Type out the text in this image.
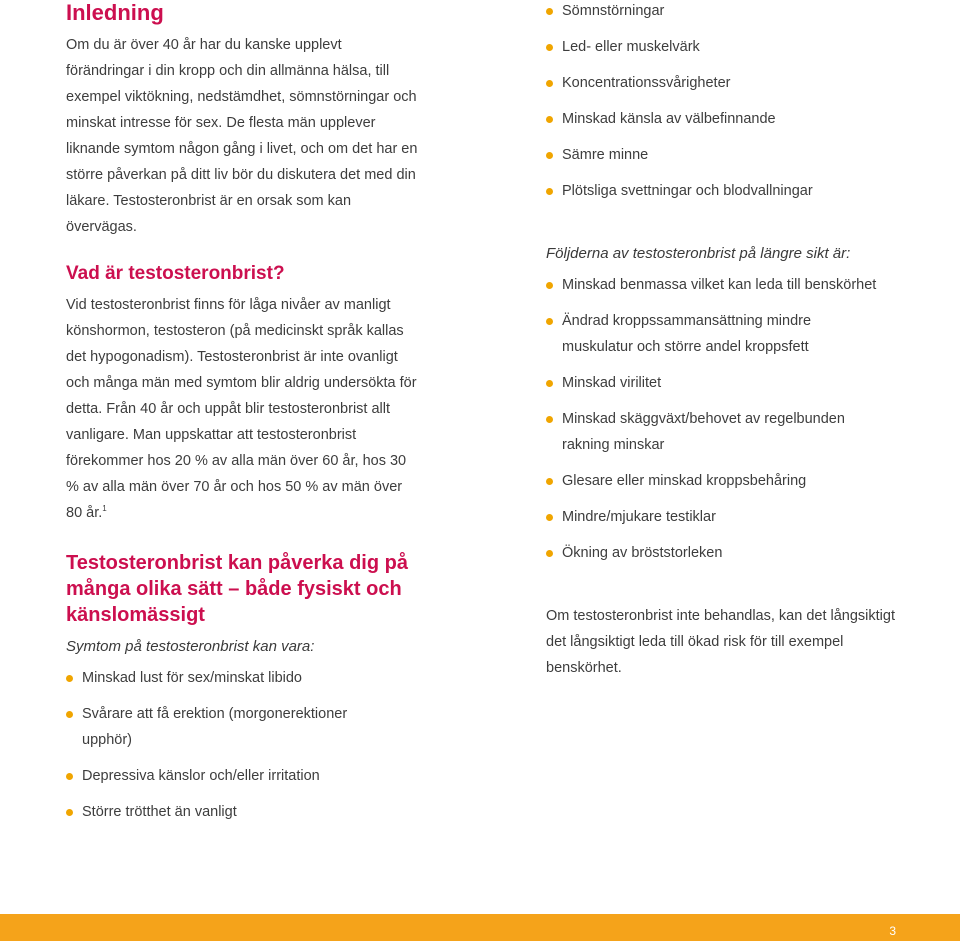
Inledning

Om du är över 40 år har du kanske upplevt förändringar i din kropp och din allmänna hälsa, till exempel viktökning, nedstämdhet, sömnstörningar och minskat intresse för sex. De flesta män upplever liknande symtom någon gång i livet, och om det har en större påverkan på ditt liv bör du diskutera det med din läkare. Testosteronbrist är en orsak som kan övervägas.

Vad är testosteronbrist?

Vid testosteronbrist finns för låga nivåer av manligt könshormon, testosteron (på medicinskt språk kallas det hypogonadism). Testosteronbrist är inte ovanligt och många män med symtom blir aldrig undersökta för detta. Från 40 år och uppåt blir testosteronbrist allt vanligare. Man uppskattar att testosteronbrist förekommer hos 20 % av alla män över 60 år, hos 30 % av alla män över 70 år och hos 50 % av män över 80 år.$^1$

Testosteronbrist kan påverka dig på många olika sätt – både fysiskt och känslomässigt

Symtom på testosteronbrist kan vara:

Minskad lust för sex/minskat libido
Svårare att få erektion (morgonerektioner upphör)
Depressiva känslor och/eller irritation
Större trötthet än vanligt
Sömnstörningar
Led- eller muskelvärk
Koncentrationssvårigheter
Minskad känsla av välbefinnande
Sämre minne
Plötsliga svettningar och blodvallningar

Följderna av testosteronbrist på längre sikt är:

Minskad benmassa vilket kan leda till benskörhet
Ändrad kroppssammansättning mindre muskulatur och större andel kroppsfett
Minskad virilitet
Minskad skäggväxt/behovet av regelbunden rakning minskar
Glesare eller minskad kroppsbehåring
Mindre/mjukare testiklar
Ökning av bröststorleken

Om testosteronbrist inte behandlas, kan det långsiktigt det långsiktigt leda till ökad risk för till exempel benskörhet.

3
